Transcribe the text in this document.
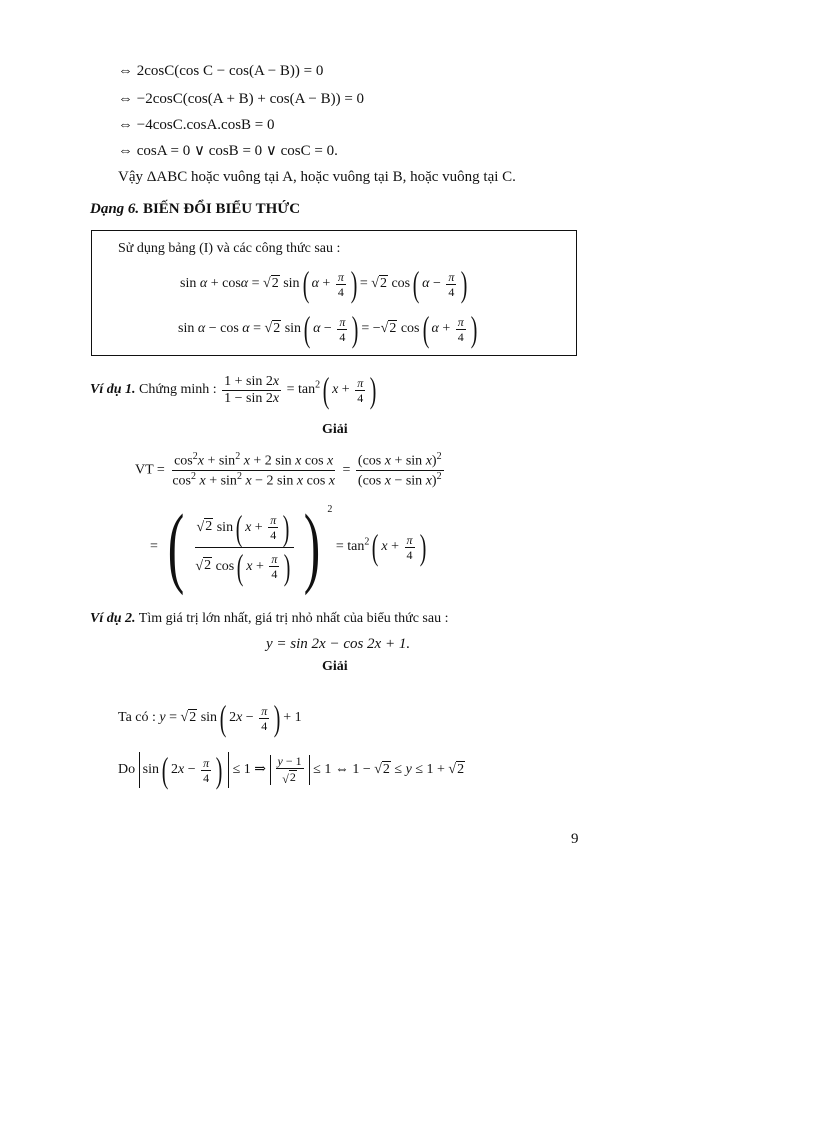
⇔ 2cosC(cos C − cos(A − B)) = 0
⇔ −2cosC(cos(A + B) + cos(A − B)) = 0
⇔ −4cosC.cosA.cosB = 0
⇔ cosA = 0 ∨ cosB = 0 ∨ cosC = 0.
Vậy ΔABC hoặc vuông tại A, hoặc vuông tại B, hoặc vuông tại C.
Dạng 6. BIẾN ĐỔI BIỂU THỨC
Sử dụng bảng (I) và các công thức sau :
sin α + cosα = √ 2 sin( $\alpha + \frac{\pi}{4}$ ) = √ 2 cos( $\alpha - \frac{\pi}{4}$ )
sin α − cos α = √ 2 sin( $\alpha - \frac{\pi}{4}$ ) = − √ 2 cos( $\alpha + \frac{\pi}{4}$ )
Ví dụ 1. Chứng minh : $\frac{1 + \sin 2x}{1 - \sin 2x} = \tan^2$( $x + \frac{\pi}{4}$ )
Giải
VT = $\frac{\cos^2x + \sin^2 x + 2 \sin x \cos x}{\cos^2 x + \sin^2 x - 2 \sin x \cos x} = \frac{(\cos x + \sin x)^2}{(\cos x - \sin x)^2}$
= ( $\frac{√ 2 \sin( x + \frac{\pi}{4} )}{√ 2 \cos( x + \frac{\pi}{4} )}$ ) $^2 = \tan^2$( $x + \frac{\pi}{4}$ )
Ví dụ 2. Tìm giá trị lớn nhất, giá trị nhỏ nhất của biểu thức sau :
y = sin 2x − cos 2x + 1.
Giải
Ta có : y = √ 2 sin( $2x - \frac{\pi}{4}$ ) + 1
Do sin( $2x - \frac{\pi}{4}$ ) ≤ 1 ⇒ $\frac{y - 1}{√ 2} \le 1$ ⇔ 1 − √ 2 ≤ y ≤ 1 + √ 2
9
